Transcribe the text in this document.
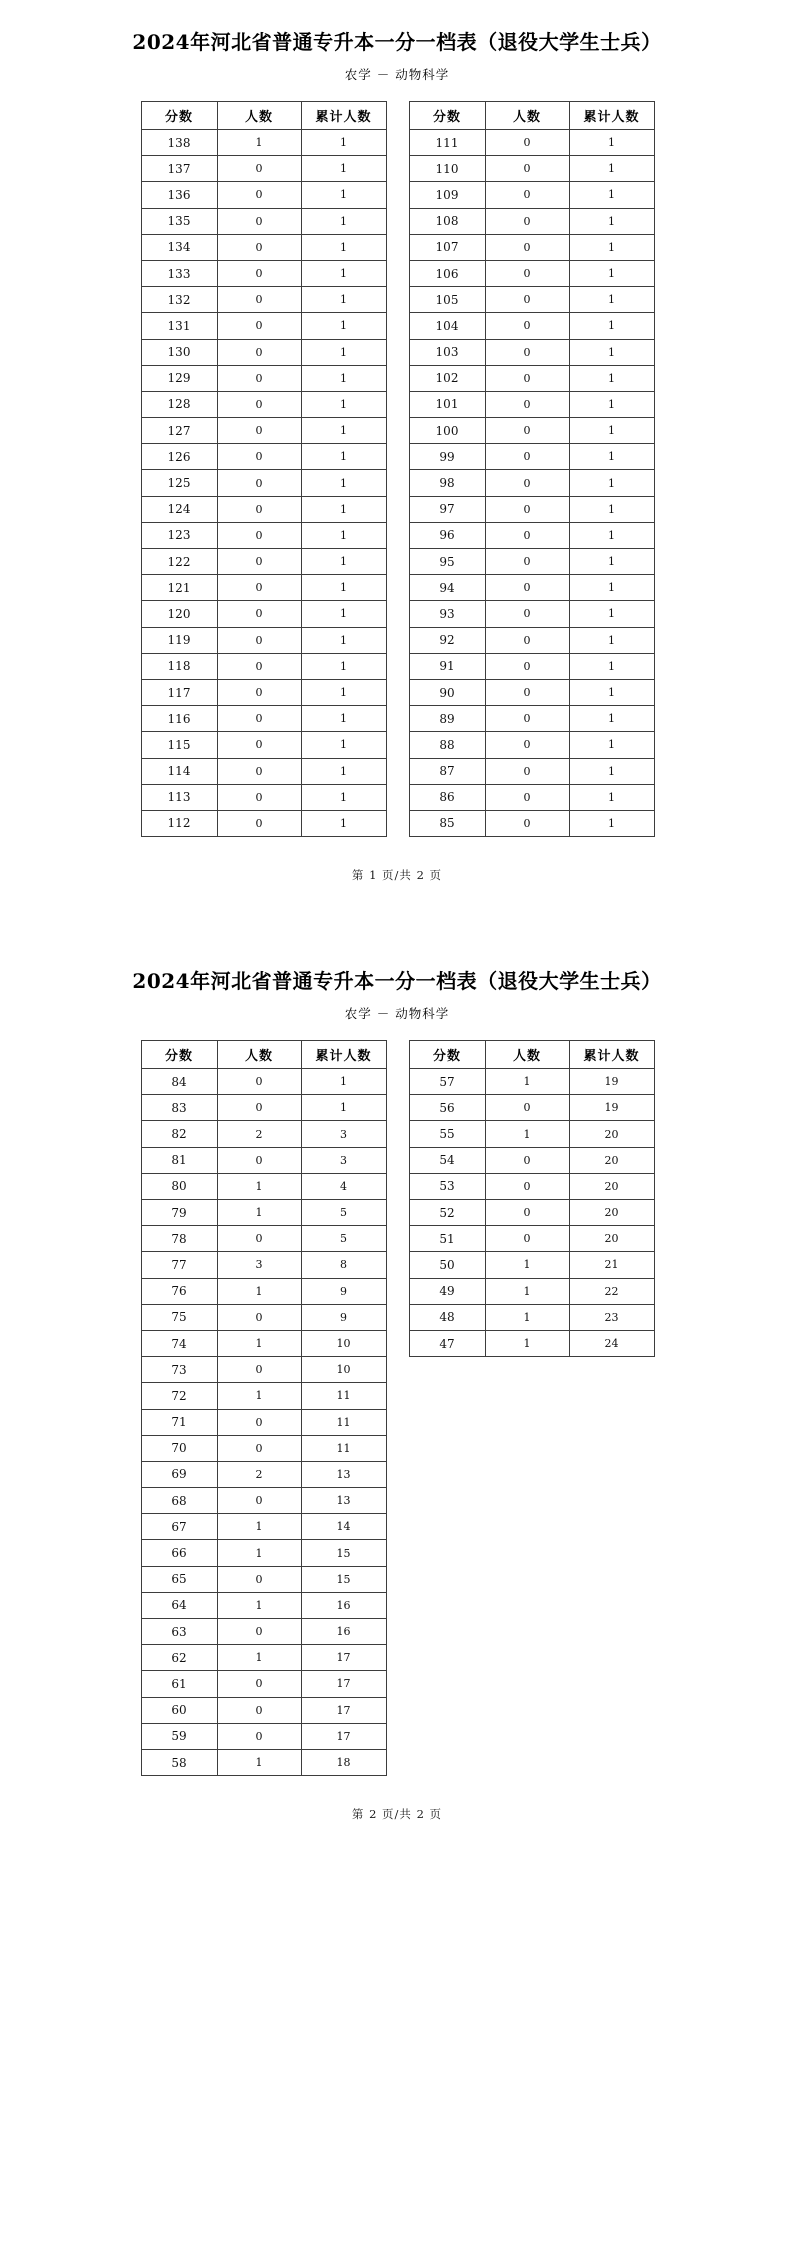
2024年河北省普通专升本一分一档表（退役大学生士兵）
农学 － 动物科学
分数	人数	累计人数
138	1	1
137	0	1
136	0	1
135	0	1
134	0	1
133	0	1
132	0	1
131	0	1
130	0	1
129	0	1
128	0	1
127	0	1
126	0	1
125	0	1
124	0	1
123	0	1
122	0	1
121	0	1
120	0	1
119	0	1
118	0	1
117	0	1
116	0	1
115	0	1
114	0	1
113	0	1
112	0	1
分数	人数	累计人数
111	0	1
110	0	1
109	0	1
108	0	1
107	0	1
106	0	1
105	0	1
104	0	1
103	0	1
102	0	1
101	0	1
100	0	1
99	0	1
98	0	1
97	0	1
96	0	1
95	0	1
94	0	1
93	0	1
92	0	1
91	0	1
90	0	1
89	0	1
88	0	1
87	0	1
86	0	1
85	0	1
第 1 页/共 2 页
2024年河北省普通专升本一分一档表（退役大学生士兵）
农学 － 动物科学
分数	人数	累计人数
84	0	1
83	0	1
82	2	3
81	0	3
80	1	4
79	1	5
78	0	5
77	3	8
76	1	9
75	0	9
74	1	10
73	0	10
72	1	11
71	0	11
70	0	11
69	2	13
68	0	13
67	1	14
66	1	15
65	0	15
64	1	16
63	0	16
62	1	17
61	0	17
60	0	17
59	0	17
58	1	18
分数	人数	累计人数
57	1	19
56	0	19
55	1	20
54	0	20
53	0	20
52	0	20
51	0	20
50	1	21
49	1	22
48	1	23
47	1	24
第 2 页/共 2 页
